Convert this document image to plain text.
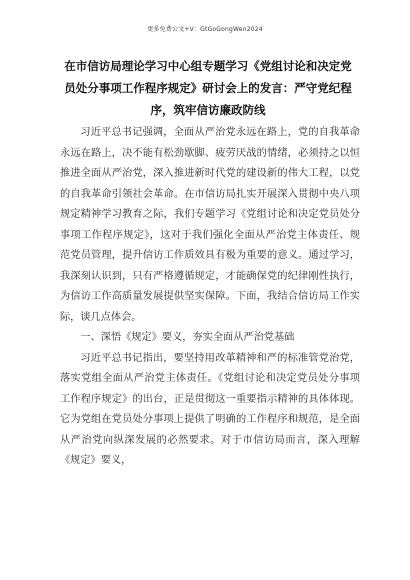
更多免费公文+V：GtGoGongWen2024
在市信访局理论学习中心组专题学习《党组讨论和决定党员处分事项工作程序规定》研讨会上的发言：严守党纪程序，筑牢信访廉政防线

习近平总书记强调，全面从严治党永远在路上，党的自我革命永远在路上，决不能有松劲歇脚、疲劳厌战的情绪，必须持之以恒推进全面从严治党，深入推进新时代党的建设新的伟大工程，以党的自我革命引领社会革命。在市信访局扎实开展深入贯彻中央八项规定精神学习教育之际，我们专题学习《党组讨论和决定党员处分事项工作程序规定》，这对于我们强化全面从严治党主体责任、规范党员管理，提升信访工作质效具有极为重要的意义。通过学习，我深刻认识到，只有严格遵循规定，才能确保党的纪律刚性执行，为信访工作高质量发展提供坚实保障。下面，我结合信访局工作实际，谈几点体会。

一、深悟《规定》要义，夯实全面从严治党基础

习近平总书记指出，要坚持用改革精神和严的标准管党治党，落实党组全面从严治党主体责任。《党组讨论和决定党员处分事项工作程序规定》的出台，正是贯彻这一重要指示精神的具体体现。它为党组在党员处分事项上提供了明确的工作程序和规范，是全面从严治党向纵深发展的必然要求。对于市信访局而言，深入理解《规定》要义，
